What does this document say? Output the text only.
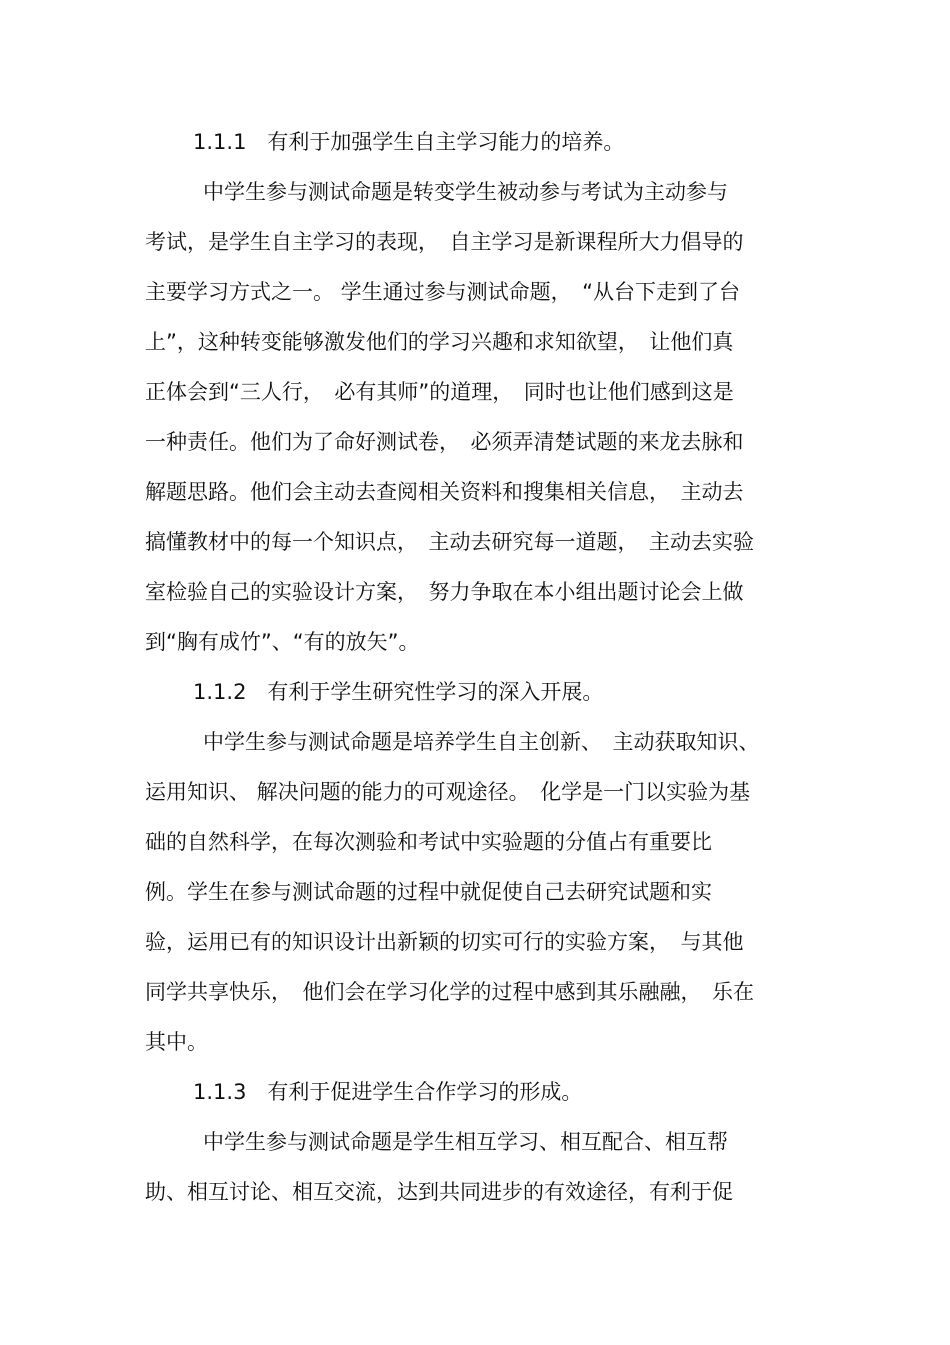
1.1.1　有利于加强学生自主学习能力的培养。
中学生参与测试命题是转变学生被动参与考试为主动参与
考试，是学生自主学习的表现，　自主学习是新课程所大力倡导的
主要学习方式之一。 学生通过参与测试命题，　“从台下走到了台
上”，这种转变能够激发他们的学习兴趣和求知欲望，　让他们真
正体会到“三人行，　必有其师”的道理，　同时也让他们感到这是
一种责任。他们为了命好测试卷，　必须弄清楚试题的来龙去脉和
解题思路。他们会主动去查阅相关资料和搜集相关信息，　主动去
搞懂教材中的每一个知识点，　主动去研究每一道题，　主动去实验
室检验自己的实验设计方案，　努力争取在本小组出题讨论会上做
到“胸有成竹”、“有的放矢”。
1.1.2　有利于学生研究性学习的深入开展。
中学生参与测试命题是培养学生自主创新、　主动获取知识、
运用知识、 解决问题的能力的可观途径。　化学是一门以实验为基
础的自然科学，在每次测验和考试中实验题的分值占有重要比
例。学生在参与测试命题的过程中就促使自己去研究试题和实
验，运用已有的知识设计出新颖的切实可行的实验方案，　与其他
同学共享快乐，　他们会在学习化学的过程中感到其乐融融，　乐在
其中。
1.1.3　有利于促进学生合作学习的形成。
中学生参与测试命题是学生相互学习、相互配合、相互帮
助、相互讨论、相互交流，达到共同进步的有效途径，有利于促
